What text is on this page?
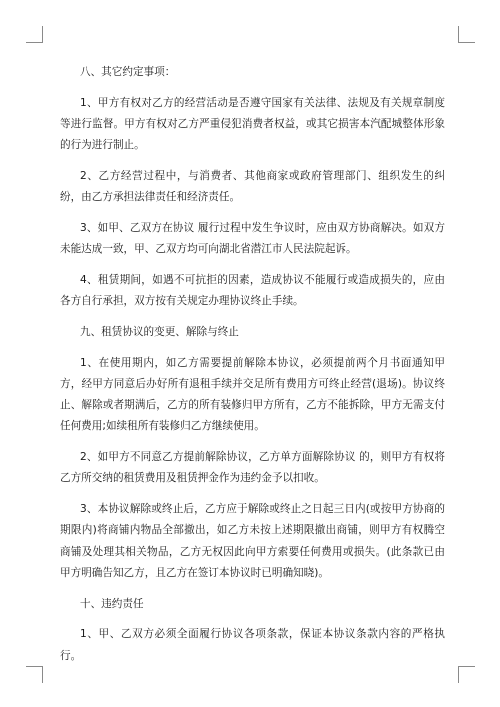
八、其它约定事项：

1、甲方有权对乙方的经营活动是否遵守国家有关法律、法规及有关规章制度等进行监督。甲方有权对乙方严重侵犯消费者权益，或其它损害本汽配城整体形象的行为进行制止。

2、乙方经营过程中，与消费者、其他商家或政府管理部门、组织发生的纠纷，由乙方承担法律责任和经济责任。

3、如甲、乙双方在协议 履行过程中发生争议时，应由双方协商解决。如双方未能达成一致，甲、乙双方均可向湖北省潜江市人民法院起诉。

4、租赁期间，如遇不可抗拒的因素，造成协议不能履行或造成损失的，应由各方自行承担，双方按有关规定办理协议终止手续。

九、租赁协议的变更、解除与终止

1、在使用期内，如乙方需要提前解除本协议，必须提前两个月书面通知甲方，经甲方同意后办好所有退租手续并交足所有费用方可终止经营(退场)。协议终止、解除或者期满后，乙方的所有装修归甲方所有，乙方不能拆除，甲方无需支付任何费用;如续租所有装修归乙方继续使用。

2、如甲方不同意乙方提前解除协议，乙方单方面解除协议 的，则甲方有权将乙方所交纳的租赁费用及租赁押金作为违约金予以扣收。

3、本协议解除或终止后，乙方应于解除或终止之日起三日内(或按甲方协商的期限内)将商铺内物品全部撤出，如乙方未按上述期限撤出商铺，则甲方有权腾空商铺及处理其相关物品，乙方无权因此向甲方索要任何费用或损失。(此条款已由甲方明确告知乙方，且乙方在签订本协议时已明确知晓)。

十、违约责任

1、甲、乙双方必须全面履行协议各项条款，保证本协议条款内容的严格执行。
